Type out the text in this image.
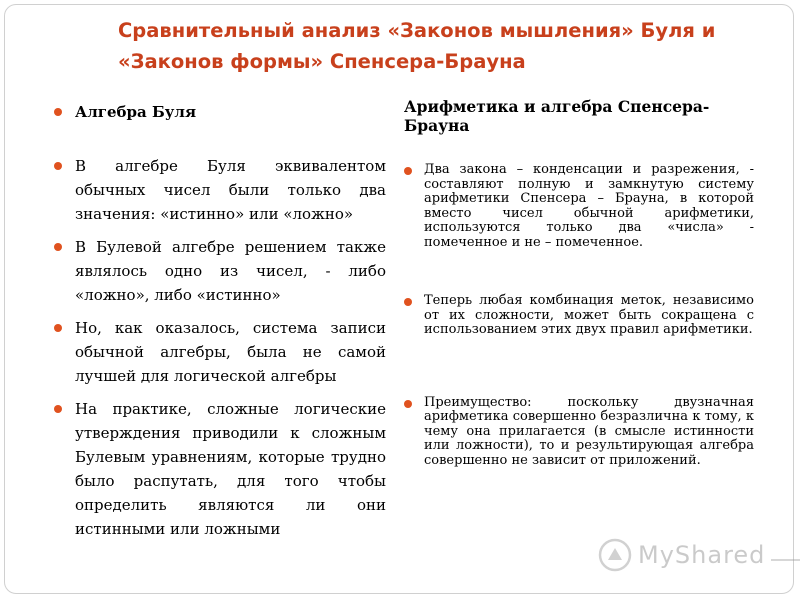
Сравнительный анализ «Законов мышления» Буля и «Законов формы» Спенсера-Брауна
Алгебра Буля
В алгебре Буля эквивалентом обычных чисел были только два значения: «истинно» или «ложно»
В Булевой алгебре решением также являлось одно из чисел, - либо «ложно», либо «истинно»
Но, как оказалось, система записи обычной алгебры, была не самой лучшей для логической алгебры
На практике, сложные логические утверждения приводили к сложным Булевым уравнениям, которые трудно было распутать, для того чтобы определить являются ли они истинными или ложными
Арифметика и алгебра Спенсера-Брауна
Два закона – конденсации и разрежения, - составляют полную и замкнутую систему арифметики Спенсера – Брауна, в которой вместо чисел обычной арифметики, используются только два «числа» - помеченное и не – помеченное.
Теперь любая комбинация меток, независимо от их сложности, может быть сокращена с использованием этих двух правил арифметики.
Преимущество: поскольку двузначная арифметика совершенно безразлична к тому, к чему она прилагается (в смысле истинности или ложности), то и результирующая алгебра совершенно не зависит от приложений.
MyShared
